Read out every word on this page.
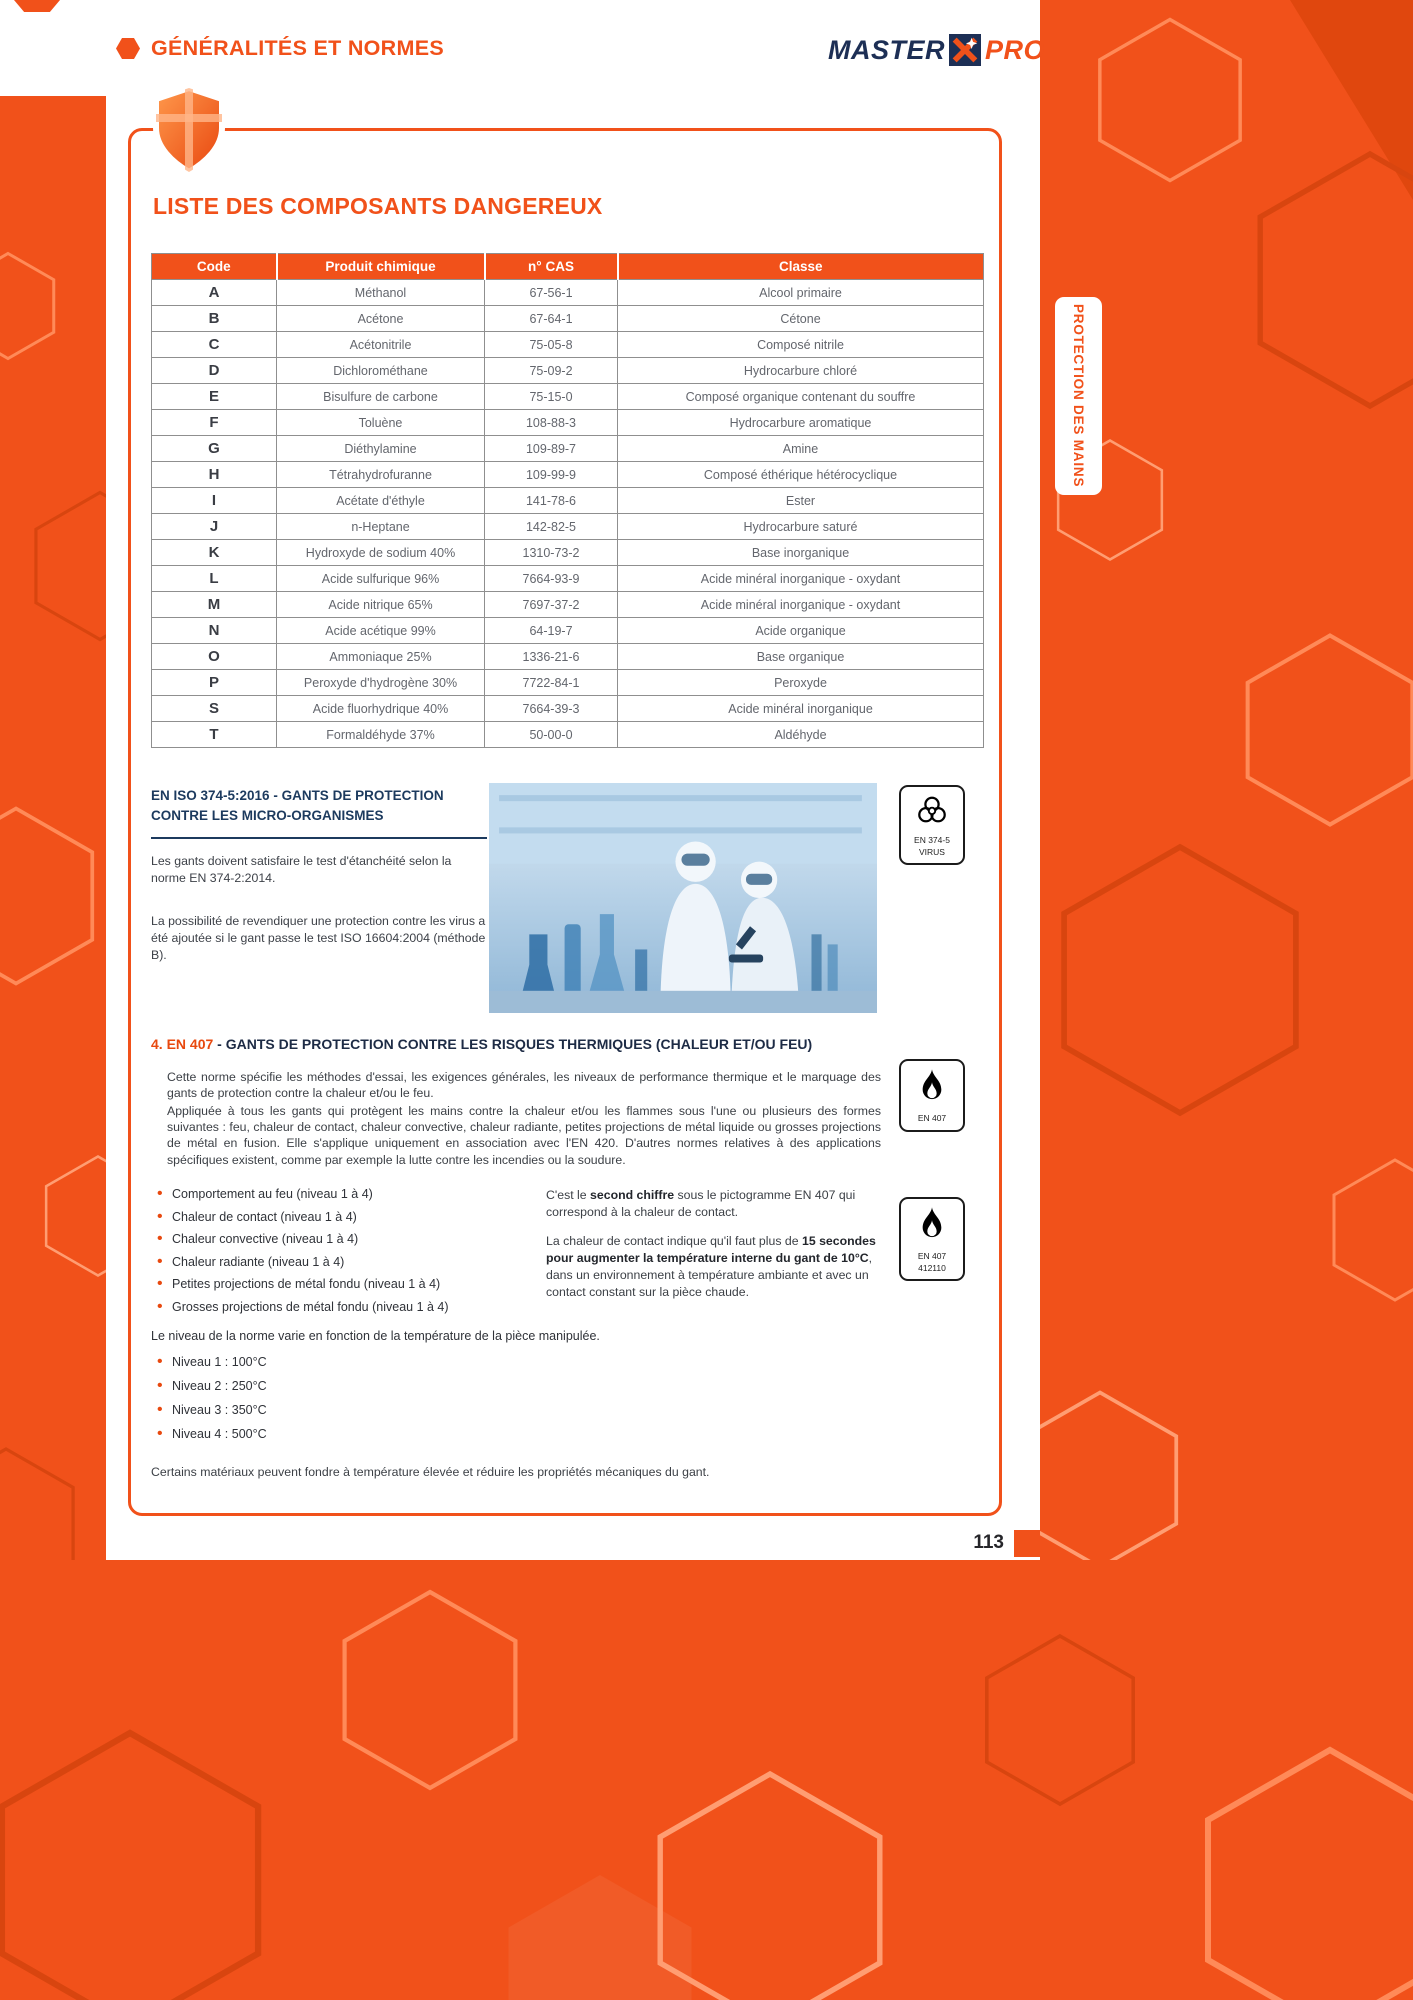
GÉNÉRALITÉS ET NORMES	MASTER PRO
PROTECTION DES MAINS
LISTE DES COMPOSANTS DANGEREUX
Code	Produit chimique	n° CAS	Classe
A	Méthanol	67-56-1	Alcool primaire
B	Acétone	67-64-1	Cétone
C	Acétonitrile	75-05-8	Composé nitrile
D	Dichlorométhane	75-09-2	Hydrocarbure chloré
E	Bisulfure de carbone	75-15-0	Composé organique contenant du souffre
F	Toluène	108-88-3	Hydrocarbure aromatique
G	Diéthylamine	109-89-7	Amine
H	Tétrahydrofuranne	109-99-9	Composé éthérique hétérocyclique
I	Acétate d'éthyle	141-78-6	Ester
J	n-Heptane	142-82-5	Hydrocarbure saturé
K	Hydroxyde de sodium 40%	1310-73-2	Base inorganique
L	Acide sulfurique 96%	7664-93-9	Acide minéral inorganique - oxydant
M	Acide nitrique 65%	7697-37-2	Acide minéral inorganique - oxydant
N	Acide acétique 99%	64-19-7	Acide organique
O	Ammoniaque 25%	1336-21-6	Base organique
P	Peroxyde d'hydrogène 30%	7722-84-1	Peroxyde
S	Acide fluorhydrique 40%	7664-39-3	Acide minéral inorganique
T	Formaldéhyde 37%	50-00-0	Aldéhyde
EN ISO 374-5:2016 - GANTS DE PROTECTION CONTRE LES MICRO-ORGANISMES

Les gants doivent satisfaire le test d'étanchéité selon la norme EN 374-2:2014.

La possibilité de revendiquer une protection contre les virus a été ajoutée si le gant passe le test ISO 16604:2004 (méthode B).

EN 374-5
VIRUS
4. EN 407 - GANTS DE PROTECTION CONTRE LES RISQUES THERMIQUES (CHALEUR ET/OU FEU)

Cette norme spécifie les méthodes d'essai, les exigences générales, les niveaux de performance thermique et le marquage des gants de protection contre la chaleur et/ou le feu.

Appliquée à tous les gants qui protègent les mains contre la chaleur et/ou les flammes sous l'une ou plusieurs des formes suivantes : feu, chaleur de contact, chaleur convective, chaleur radiante, petites projections de métal liquide ou grosses projections de métal en fusion. Elle s'applique uniquement en association avec l'EN 420. D'autres normes relatives à des applications spécifiques existent, comme par exemple la lutte contre les incendies ou la soudure.

EN 407
• Comportement au feu (niveau 1 à 4)
• Chaleur de contact (niveau 1 à 4)
• Chaleur convective (niveau 1 à 4)
• Chaleur radiante (niveau 1 à 4)
• Petites projections de métal fondu (niveau 1 à 4)
• Grosses projections de métal fondu (niveau 1 à 4)

C'est le second chiffre sous le pictogramme EN 407 qui correspond à la chaleur de contact.

La chaleur de contact indique qu'il faut plus de 15 secondes pour augmenter la température interne du gant de 10°C, dans un environnement à température ambiante et avec un contact constant sur la pièce chaude.

EN 407
412110

Le niveau de la norme varie en fonction de la température de la pièce manipulée.

• Niveau 1 : 100°C
• Niveau 2 : 250°C
• Niveau 3 : 350°C
• Niveau 4 : 500°C

Certains matériaux peuvent fondre à température élevée et réduire les propriétés mécaniques du gant.

113
